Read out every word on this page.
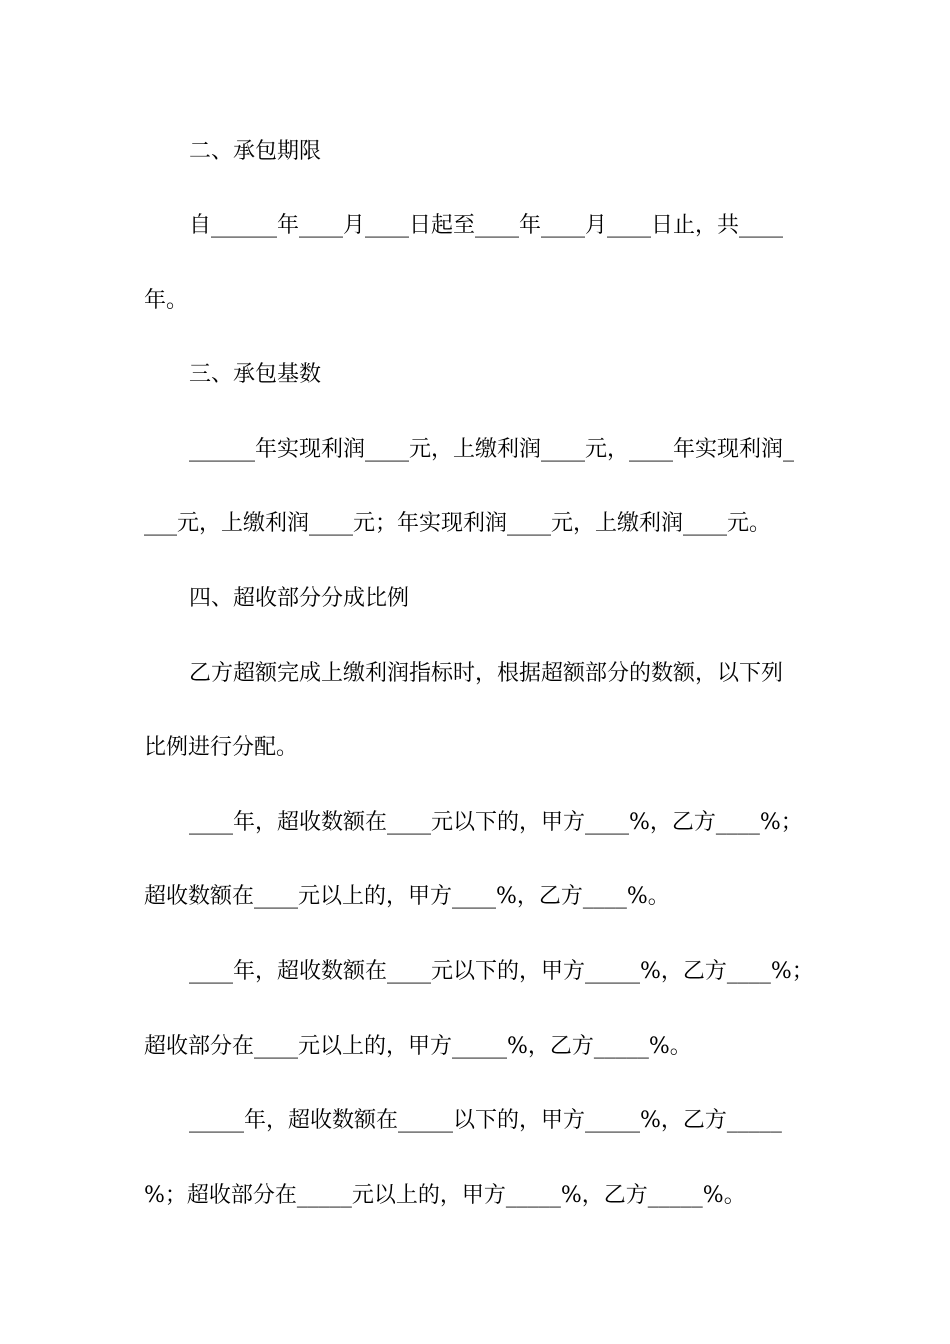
二、承包期限
自______年____月____日起至____年____月____日止，共____
年。
三、承包基数
______年实现利润____元，上缴利润____元，____年实现利润_
___元，上缴利润____元；年实现利润____元，上缴利润____元。
四、超收部分分成比例
乙方超额完成上缴利润指标时，根据超额部分的数额，以下列
比例进行分配。
____年，超收数额在____元以下的，甲方____%，乙方____%；
超收数额在____元以上的，甲方____%，乙方____%。
____年，超收数额在____元以下的，甲方_____%，乙方____%；
超收部分在____元以上的，甲方_____%，乙方_____%。
_____年，超收数额在_____以下的，甲方_____%，乙方_____
%；超收部分在_____元以上的，甲方_____%，乙方_____%。
